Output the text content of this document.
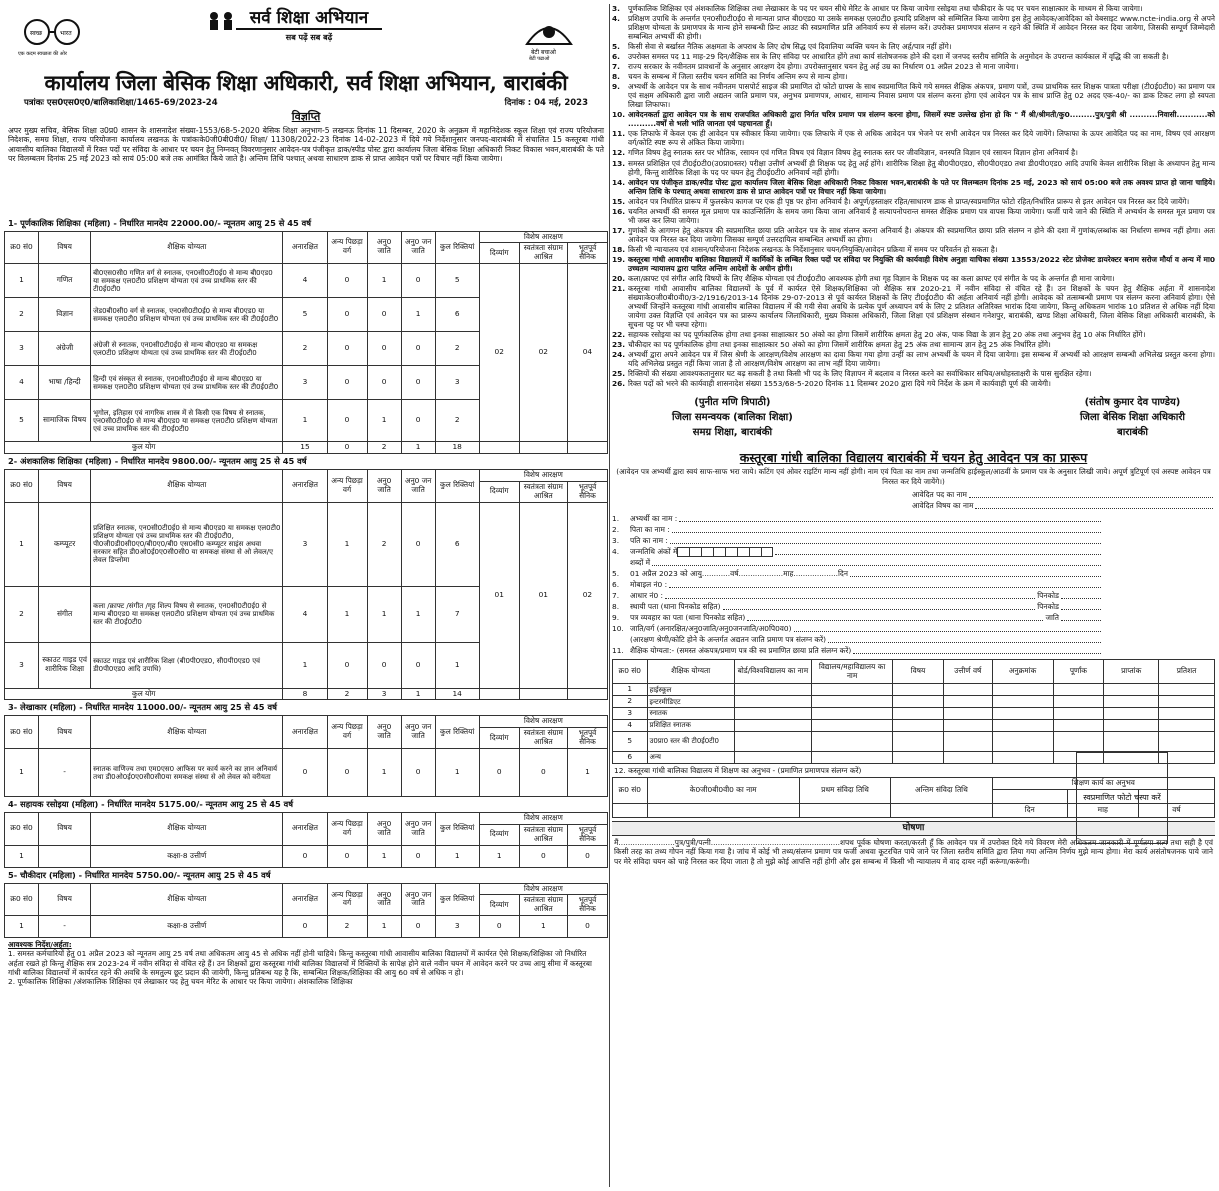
स्वच्छ	भारत
एक कदम स्वच्छता की ओर
सर्व शिक्षा अभियान
सब पढ़ें सब बढ़ें
बेटी बचाओ
बेटी पढ़ाओ
कार्यालय जिला बेसिक शिक्षा अधिकारी, सर्व शिक्षा अभियान, बाराबंकी
पत्रांकः एस0एस0ए0/बालिकाशिक्षा/1465-69/2023-24	दिनांक : 04 मई, 2023
विज्ञप्ति
अपर मुख्य सचिव, बेसिक शिक्षा उ0प्र0 शासन के शासनादेश संख्या-1553/68-5-2020 बेसिक शिक्षा अनुभाग-5 लखनऊ दिनांक 11 दिसम्बर, 2020 के अनुक्रम में महानिदेशक स्कूल शिक्षा एवं राज्य परियोजना निदेशक, समग्र शिक्षा, राज्य परियोजना कार्यालय लखनऊ के पत्रांकःके0जी0बी0वी0/ शिक्षा/ 11308/2022-23 दिनांक 14-02-2023 में दिये गये निर्देशानुसार जनपद-बाराबंकी में संचालित 15 कस्तूरबा गांधी आवासीय बालिका विद्यालयों में रिक्त पदों पर संविदा के आधार पर चयन हेतु निम्नवत् विवरणानुसार आवेदन-पत्र पंजीकृत डाक/स्पीड पोस्ट द्वारा कार्यालय जिला बेसिक शिक्षा अधिकारी निकट विकास भवन,बाराबंकी के पते पर विलम्बतम दिनांक 25 मई 2023 को सायं 05:00 बजे तक आमंत्रित किये जाते है। अन्तिम तिथि पश्चात् अथवा साधारण डाक से प्राप्त आवेदन पत्रों पर विचार नहीं किया जायेगा।
1- पूर्णकालिक शिक्षिका (महिला) - निर्धारित मानदेय 22000.00/- न्यूनतम आयु 25 से 45 वर्ष
क्र0 सं0	विषय	शैक्षिक योग्यता	अनारक्षित	अन्य पिछड़ा वर्ग	अनु0 जाति	अनु0 जन जाति	कुल रिक्तियां	विशेष आरक्षण		
								दिव्यांग	स्वतंत्रता संग्राम आश्रित	भूतपूर्व सैनिक
1	गणित	बी0एस0सी0 गणित वर्ग से स्नातक, एन0सी0टी0ई0 से मान्य बी0एड0 या समकक्ष एल0टी0 प्रशिक्षण योग्यता एवं उच्च प्राथमिक स्तर की टी0ई0टी0	4	0	1	0	5	02	02	04
2	विज्ञान	जेड0बी0सी0 वर्ग से स्नातक, एन0सी0टी0ई0 से मान्य बी0एड0 या समकक्ष एल0टी0 प्रशिक्षण योग्यता एवं उच्च प्राथमिक स्तर की टी0ई0टी0	5	0	0	1	6			
3	अंग्रेजी	अंग्रेजी से स्नातक, एन0सी0टी0ई0 से मान्य बी0एड0 या समकक्ष एल0टी0 प्रशिक्षण योग्यता एवं उच्च प्राथमिक स्तर की टी0ई0टी0	2	0	0	0	2			
4	भाषा /हिन्दी	हिन्दी एवं संस्कृत से स्नातक, एन0सी0टी0ई0 से मान्य बी0एड0 या समकक्ष एल0टी0 प्रशिक्षण योग्यता एवं उच्च प्राथमिक स्तर की टी0ई0टी0	3	0	0	0	3			
5	सामाजिक विषय	भूगोल, इतिहास एवं नागरिक शास्त्र में से किसी एक विषय से स्नातक, एन0सी0टी0ई0 से मान्य बी0एड0 या समकक्ष एल0टी0 प्रशिक्षण योग्यता एवं उच्च प्राथमिक स्तर की टी0ई0टी0	1	0	1	0	2			
कुल योग			15	0	2	1	18			
2- अंशकालिक शिक्षिका (महिला) - निर्धारित मानदेय 9800.00/- न्यूनतम आयु 25 से 45 वर्ष
क्र0 सं0	विषय	शैक्षिक योग्यता	अनारक्षित	अन्य पिछड़ा वर्ग	अनु0 जाति	अनु0 जन जाति	कुल रिक्तियां	विशेष आरक्षण		
								दिव्यांग	स्वतंत्रता संग्राम आश्रित	भूतपूर्व सैनिक
1	कम्प्यूटर	प्रशिक्षित स्नातक, एन0सी0टी0ई0 से मान्य बी0एड0 या समकक्ष एल0टी0 प्रशिक्षण योग्यता एवं उच्च प्राथमिक स्तर की टी0ई0टी0, पी0जी0डी0सी0ए0/बी0ए0/बी0 एस0सी0 कम्प्यूटर साइंस अथवा सरकार सहित डी0ओ0ई0ए0सी0सी0 या समकक्ष संस्था से ओ लेवल/ए लेवल डिप्लोमा	3	1	2	0	6	01	01	02
2	संगीत	कला /क्राफ्ट /संगीत /गृह शिल्प विषय से स्नातक, एन0सी0टी0ई0 से मान्य बी0एड0 या समकक्ष एल0टी0 प्रशिक्षण योग्यता एवं उच्च प्राथमिक स्तर की टी0ई0टी0	4	1	1	1	7			
3	स्काउट गाइड एवं शारीरिक शिक्षा	स्काउट गाइड एवं शारीरिक शिक्षा (बी0पी0एड0, सी0पी0एड0 एवं डी0पी0एड0 आदि उपाधि)	1	0	0	0	1			
कुल योग			8	2	3	1	14			
3- लेखाकार (महिला) - निर्धारित मानदेय 11000.00/- न्यूनतम आयु 25 से 45 वर्ष
क्र0 सं0	विषय	शैक्षिक योग्यता	अनारक्षित	अन्य पिछड़ा वर्ग	अनु0 जाति	अनु0 जन जाति	कुल रिक्तियां	विशेष आरक्षण		
								दिव्यांग	स्वतंत्रता संग्राम आश्रित	भूतपूर्व सैनिक
1	-	स्नातक वाणिज्य तथा एम0एस0 आफिस पर कार्य करने का ज्ञान अनिवार्य तथा डी0ओ0ई0ए0सी0सी0या समकक्ष संस्था से ओ लेवल को वरीयता	0	0	1	0	1	0	0	1
4- सहायक रसोइया (महिला) - निर्धारित मानदेय 5175.00/- न्यूनतम आयु 25 से 45 वर्ष
क्र0 सं0	विषय	शैक्षिक योग्यता	अनारक्षित	अन्य पिछड़ा वर्ग	अनु0 जाति	अनु0 जन जाति	कुल रिक्तियां	विशेष आरक्षण		
								दिव्यांग	स्वतंत्रता संग्राम आश्रित	भूतपूर्व सैनिक
1		कक्षा-8 उत्तीर्ण	0	0	1	0	1	1	0	0
5- चौकीदार (महिला) - निर्धारित मानदेय 5750.00/- न्यूनतम आयु 25 से 45 वर्ष
क्र0 सं0	विषय	शैक्षिक योग्यता	अनारक्षित	अन्य पिछड़ा वर्ग	अनु0 जाति	अनु0 जन जाति	कुल रिक्तियां	विशेष आरक्षण		
								दिव्यांग	स्वतंत्रता संग्राम आश्रित	भूतपूर्व सैनिक
1	-	कक्षा-8 उत्तीर्ण	0	2	1	0	3	0	1	0
आवश्यक निर्देश/अर्हता:
1. समस्त कर्मचारियों हेतु 01 अप्रैल 2023 को न्यूनतम आयु 25 वर्ष तथा अधिकतम आयु 45 से अधिक नहीं होनी चाहिये। किन्तु कस्तूरबा गांधी आवासीय बालिका विद्यालयों में कार्यरत ऐसे शिक्षक/शिक्षिका जो निर्धारित अर्हता रखते हो किन्तु शैक्षिक सत्र 2023-24 में नवीन संविदा से वंचित रहे हैं। उन शिक्षकों द्वारा कस्तूरबा गांधी बालिका विद्यालयों में रिक्तियों के सापेक्ष होने वाले नवीन चयन में आवेदन करने पर उच्च आयु सीमा में कस्तूरबा गांधी बालिका विद्यालयों में कार्यरत रहने की अवधि के समतुल्य छूट प्रदान की जायेगी, किन्तु प्रतिबन्ध यह है कि, सम्बन्धित शिक्षक/शिक्षिका की आयु 60 वर्ष से अधिक न हो।
2. पूर्णकालिक शिक्षिका /अंशकालिक शिक्षिका एवं लेखाकार पद हेतु चयन मेरिट के आधार पर किया जायेगा। अंशकालिक शिक्षिका
3.	पूर्णकालिक शिक्षिका एवं अंशकालिक शिक्षिका तथा लेखाकार के पद पर चयन सीधे मेरिट के आधार पर किया जायेगा रसोइया तथा चौकीदार के पद पर चयन साक्षात्कार के माध्यम से किया जायेगा।
4.	प्रशिक्षण उपाधि के अन्तर्गत एन0सी0टी0ई0 से मान्यता प्राप्त बी0एड0 या उसके समकक्ष एल0टी0 इत्यादि प्रशिक्षण को सम्मिलित किया जायेगा इस हेतु आवेदक/आवेदिका को वेबसाइट www.ncte-india.org से अपने प्रशिक्षण योग्यता के प्रमाणपत्र के मान्य होने सम्बन्धी प्रिन्ट आउट की स्वप्रमाणित प्रति अनिवार्य रूप से संलग्न करें। उपरोक्त प्रमाणपत्र संलग्न न रहने की स्थिति में आवेदन निरस्त कर दिया जायेगा, जिसकी सम्पूर्ण जिम्मेदारी सम्बन्धित अभ्यर्थी की होगी।
5.	किसी सेवा से बर्खास्त नैतिक अक्षमता के अपराध के लिए दोष सिद्ध एवं दिवालिया व्यक्ति चयन के लिए अर्ह/पात्र नहीं होंगे।
6.	उपरोक्त समस्त पद 11 माह-29 दिन/शैक्षिक सत्र के लिए संविदा पर आधारित होंगे तथा कार्य संतोषजनक होने की दशा में जनपद स्तरीय समिति के अनुमोदन के उपरान्त कार्यकाल में वृद्धि की जा सकती है।
7.	राज्य सरकार के नवीनतम प्रावधानों के अनुसार आरक्षण देय होगा। उपरोक्तानुसार चयन हेतु अर्ह उम्र का निर्धारण 01 अप्रैल 2023 से माना जायेगा।
8.	चयन के सम्बन्ध में जिला स्तरीय चयन समिति का निर्णय अन्तिम रूप से मान्य होगा।
9.	अभ्यर्थी के आवेदन पत्र के साथ नवीनतम पासपोर्ट साइज की प्रमाणित दो फोटो ग्राफ्स के साथ स्वप्रमाणित किये गये समस्त शैक्षिक अंकपत्र, प्रमाण पत्रों, उच्च प्राथमिक स्तर शिक्षक पात्रता परीक्षा (टी0ई0टी0) का प्रमाण पत्र एवं सक्षम अधिकारी द्वारा जारी अद्यतन जाति प्रमाण पत्र, अनुभव प्रमाणपत्र, आधार, सामान्य निवास प्रमाण पत्र संलग्न करना होगा एवं आवेदन पत्र के साथ प्राप्ति हेतु 02 अदद एक-40/- का डाक टिकट लगा हो स्वपता लिखा लिफाफा।
10. आवेदनकर्ता द्वारा आवेदन पत्र के साथ राजपत्रित अधिकारी द्वारा निर्गत चरित्र प्रमाण पत्र संलग्न करना होगा, जिसमें स्पष्ट उल्लेख होना हो कि " मैं श्री/श्रीमती/कु0.........पुत्र/पुत्री श्री ..........निवासी...........को ..........वर्षों से भली भांति जानता एवं पहचानता हूँ।
11. एक लिफाफे में केवल एक ही आवेदन पत्र स्वीकार किया जायेगा। एक लिफाफे में एक से अधिक आवेदन पत्र भेजने पर सभी आवेदन पत्र निरस्त कर दिये जायेंगे। लिफाफा के ऊपर आवेदित पद का नाम, विषय एवं आरक्षण वर्ग/कोटि स्पष्ट रूप से अंकित किया जायेगा।
12. गणित विषय हेतु स्नातक स्तर पर भौतिक, रसायन एवं गणित विषय एवं विज्ञान विषय हेतु स्नातक स्तर पर जीवविज्ञान, वनस्पति विज्ञान एवं रसायन विज्ञान होना अनिवार्य है।
13. समस्त प्रशिक्षित एवं टी0ई0टी0(उ0प्रा0स्तर) परीक्षा उत्तीर्ण अभ्यर्थी ही शिक्षक पद हेतु अर्ह होंगे। शारीरिक शिक्षा हेतु बी0पी0एड0, सी0पी0एड0 तथा डी0पी0एड0 आदि उपाधि केवल शारीरिक शिक्षा के अध्यापन हेतु मान्य होगी, किन्तु शारीरिक शिक्षा के पद पर चयन हेतु टी0ई0टी0 अनिवार्य नहीं होगी।
14. आवेदन पत्र पंजीकृत डाक/स्पीड पोस्ट द्वारा कार्यालय जिला बेसिक शिक्षा अधिकारी निकट विकास भवन,बाराबंकी के पते पर विलम्बतम दिनांक 25 मई, 2023 को सायं 05:00 बजे तक अवश्य प्राप्त हो जाना चाहिये। अन्तिम तिथि के पश्चात् अथवा साधारण डाक से प्राप्त आवेदन पत्रों पर विचार नहीं किया जायेगा।
15. आवेदन पत्र निर्धारित प्रारूप में फुलस्केप कागज पर एक ही पृष्ठ पर होना अनिवार्य है। अपूर्ण/हस्ताक्षर रहित/साधारण डाक से प्राप्त/स्वप्रमाणित फोटो रहित/निर्धारित प्रारूप से इतर आवेदन पत्र निरस्त कर दिये जायेंगे।
16. चयनित अभ्यर्थी की समस्त मूल प्रमाण पत्र काउन्सिलिंग के समय जमा किया जाना अनिवार्य है सत्यापनोपरान्त समस्त शैक्षिक प्रमाण पत्र वापस किया जायेगा। फर्जी पाये जाने की स्थिति में अभ्यर्थन के समस्त मूल प्रमाण पत्र भी जब्त कर लिया जायेगा।
17. गुणांकों के आगणन हेतु अंकपत्र की स्वप्रमाणित छाया प्रति आवेदन पत्र के साथ संलग्न करना अनिवार्य है। अंकपत्र की स्वप्रमाणित छाया प्रति संलग्न न होने की दशा में गुणांक/लब्धांक का निर्धारण सम्भव नहीं होगा। अतः आवेदन पत्र निरस्त कर दिया जायेगा जिसका सम्पूर्ण उत्तरदायित्व सम्बन्धित अभ्यर्थी का होगा।
18. किसी भी न्यायालय एवं शासन/परियोजना निदेशक लखनऊ के निर्देशानुसार चयन/नियुक्ति/आवेदन प्रक्रिया में समय पर परिवर्तन हो सकता है।
19. कस्तूरबा गांधी आवासीय बालिका विद्यालयों में कार्मिकों के लम्बित रिक्त पदों पर संविदा पर नियुक्ति की कार्यवाही विशेष अनुज्ञा याचिका संख्या 13553/2022 स्टेट प्रोजेक्ट डायरेक्टर बनाम सरोज मौर्या व अन्य में मा0 उच्चतम न्यायालय द्वारा पारित अन्तिम आदेशों के अधीन होगी।
20. कला/क्राफ्ट एवं संगीत आदि विषयों के लिए शैक्षिक योग्यता एवं टी0ई0टी0 आवश्यक होगी तथा गृह विज्ञान के शिक्षक पद का कला क्राफ्ट एवं संगीत के पद के अन्तर्गत ही माना जायेगा।
21. कस्तूरबा गांधी आवासीय बालिका विद्यालयों के पूर्व में कार्यरत ऐसे शिक्षक/शिक्षिका जो शैक्षिक सत्र 2020-21 में नवीन संविदा से वंचित रहे हैं। उन शिक्षकों के चयन हेतु शैक्षिक अर्हता में शासनादेश संख्याःके0जी0बी0वी0/3-2/1916/2013-14 दिनांक 29-07-2013 से पूर्व कार्यरत शिक्षकों के लिए टी0ई0टी0 की अर्हता अनिवार्य नहीं होगी। आवेदक को तत्सम्बन्धी प्रमाण पत्र संलग्न करना अनिवार्य होगा। ऐसे अभ्यर्थी जिन्होंने कस्तूरबा गांधी आवासीय बालिका विद्यालय में की गयी सेवा अवधि के प्रत्येक पूर्ण अध्यापन वर्ष के लिए 2 प्रतिशत अतिरिक्त भारांक दिया जायेगा, किन्तु अधिकतम भारांक 10 प्रतिशत से अधिक नहीं दिया जायेगा उक्त विज्ञप्ति एवं आवेदन पत्र का प्रारूप कार्यालय जिलाधिकारी, मुख्य विकास अधिकारी, जिला शिक्षा एवं प्रशिक्षण संस्थान गनेशपुर, बाराबंकी, खण्ड शिक्षा अधिकारी, जिला बेसिक शिक्षा अधिकारी बाराबंकी, के सूचना पट्ट पर भी चस्पा रहेगा।
22. सहायक रसोइया का पद पूर्णकालिक होगा तथा इनका साक्षात्कार 50 अंको का होगा जिसमें शारीरिक क्षमता हेतु 20 अंक, पाक विद्या के ज्ञान हेतु 20 अंक तथा अनुभव हेतु 10 अंक निर्धारित होंगे।
23. चौकीदार का पद पूर्णकालिक होगा तथा इनका साक्षात्कार 50 अंको का होगा जिसमें शारीरिक क्षमता हेतु 25 अंक तथा सामान्य ज्ञान हेतु 25 अंक निर्धारित होंगे।
24. अभ्यर्थी द्वारा अपने आवेदन पत्र में जिस श्रेणी के आरक्षण/विशेष आरक्षण का दावा किया गया होगा उन्हीं का लाभ अभ्यर्थी के चयन में दिया जायेगा। इस सम्बन्ध में अभ्यर्थी को आरक्षण सम्बन्धी अभिलेख प्रस्तुत करना होगा। यदि अभिलेख प्रस्तुत नहीं किया जाता है तो आरक्षण/विशेष आरक्षण का लाभ नहीं दिया जायेगा।
25. रिक्तियों की संख्या आवश्यकतानुसार घट बढ़ सकती है तथा किसी भी पद के लिए विज्ञापन में बदलाव व निरस्त करने का सर्वाधिकार सचिव/अधोहस्ताक्षरी के पास सुरक्षित रहेगा।
26. रिक्त पदों को भरने की कार्यवाही शासनादेश संख्या 1553/68-5-2020 दिनांक 11 दिसम्बर 2020 द्वारा दिये गये निर्देश के क्रम में कार्यवाही पूर्ण की जायेगी।
(पुनीत मणि त्रिपाठी)
जिला समन्वयक (बालिका शिक्षा)
समग्र शिक्षा, बाराबंकी
(संतोष कुमार देव पाण्डेय)
जिला बेसिक शिक्षा अधिकारी
बाराबंकी
कस्तूरबा गांधी बालिका विद्यालय बाराबंकी में चयन हेतु आवेदन पत्र का प्रारूप
(आवेदन पत्र अभ्यर्थी द्वारा स्वयं साफ-साफ भरा जाये। कटिंग एवं ओवर राइटिंग मान्य नहीं होगी। नाम एवं पिता का नाम तथा जन्मतिथि हाईस्कूल/आठवीं के प्रमाण पत्र के अनुसार लिखी जाये। अपूर्ण त्रुटिपूर्ण एवं अस्पष्ट आवेदन पत्र निरस्त कर दिये जायेंगे।)
आवेदित पद का नाम
आवेदित विषय का नाम
1.	अभ्यर्थी का नाम :
2.	पिता का नाम :
3.	पति का नाम :
4.	जन्मतिथि अंकों में
शब्दों में
5.	01 अप्रैल 2023 को आयु............वर्ष...................माह...................दिन
6.	मोबाइल नं0 :
7.	आधार नं0 :	पिनकोड
8.	स्थायी पता (थाना पिनकोड सहित)	पिनकोड
9.	पत्र व्यवहार का पता (थाना पिनकोड सहित)	जाति
10. जाति/वर्ग (अनारक्षित/अनु0जाति/अनु0जनजाति/अ0पि0व0)
(आरक्षण श्रेणी/कोटि होने के अन्तर्गत अद्यतन जाति प्रमाण पत्र संलग्न करें)
11. शैक्षिक योग्यता:- (समस्त अंकपत्र/प्रमाण पत्र की स्व प्रमाणित छाया प्रति संलग्न करें)
क्र0 सं0	शैक्षिक योग्यता	बोर्ड/विश्वविद्यालय का नाम	विद्यालय/महाविद्यालय का नाम	विषय	उत्तीर्ण वर्ष	अनुक्रमांक	पूर्णांक	प्राप्तांक	प्रतिशत
1	हाईस्कूल								
2	इन्टरमीडिएट								
3	स्नातक								
4	प्रशिक्षित स्नातक								
5	उ0प्रा0 स्तर की टी0ई0टी0								
6	अन्य								
12. कस्तूरबा गांधी बालिका विद्यालय में शिक्षण का अनुभव - (प्रमाणित प्रमाणपत्र संलग्न करें)
क्र0 सं0	के0जी0बी0वी0 का नाम	प्रथम संविदा तिथि	अन्तिम संविदा तिथि	शिक्षण कार्य का अनुभव		

				दिन	माह	वर्ष
घोषणा
मैं........................पुत्र/पुत्री/पत्नी.......................................................शपथ पूर्वक घोषणा करता/करती हूँ कि आवेदन पत्र में उपरोक्त दिये गये विवरण मेरी अधिकतम जानकारी में पूर्णतया सत्य तथा सही है एवं किसी तरह का तथ्य गोपन नहीं किया गया है। जांच में कोई भी तथ्य/संलग्न प्रमाण पत्र फर्जी अथवा कूटरचित पाये जाने पर जिला स्तरीय समिति द्वारा लिया गया अन्तिम निर्णय मुझे मान्य होगा। मेरा कार्य असंतोषजनक पाये जाने पर मेरे संविदा चयन को चाहे निरस्त कर दिया जाता है तो मुझे कोई आपत्ति नहीं होगी और इस सम्बन्ध में किसी भी न्यायालय में वाद दायर नहीं करूंगा/करूंगी।
स्वप्रमाणित फोटो चस्पा करें
